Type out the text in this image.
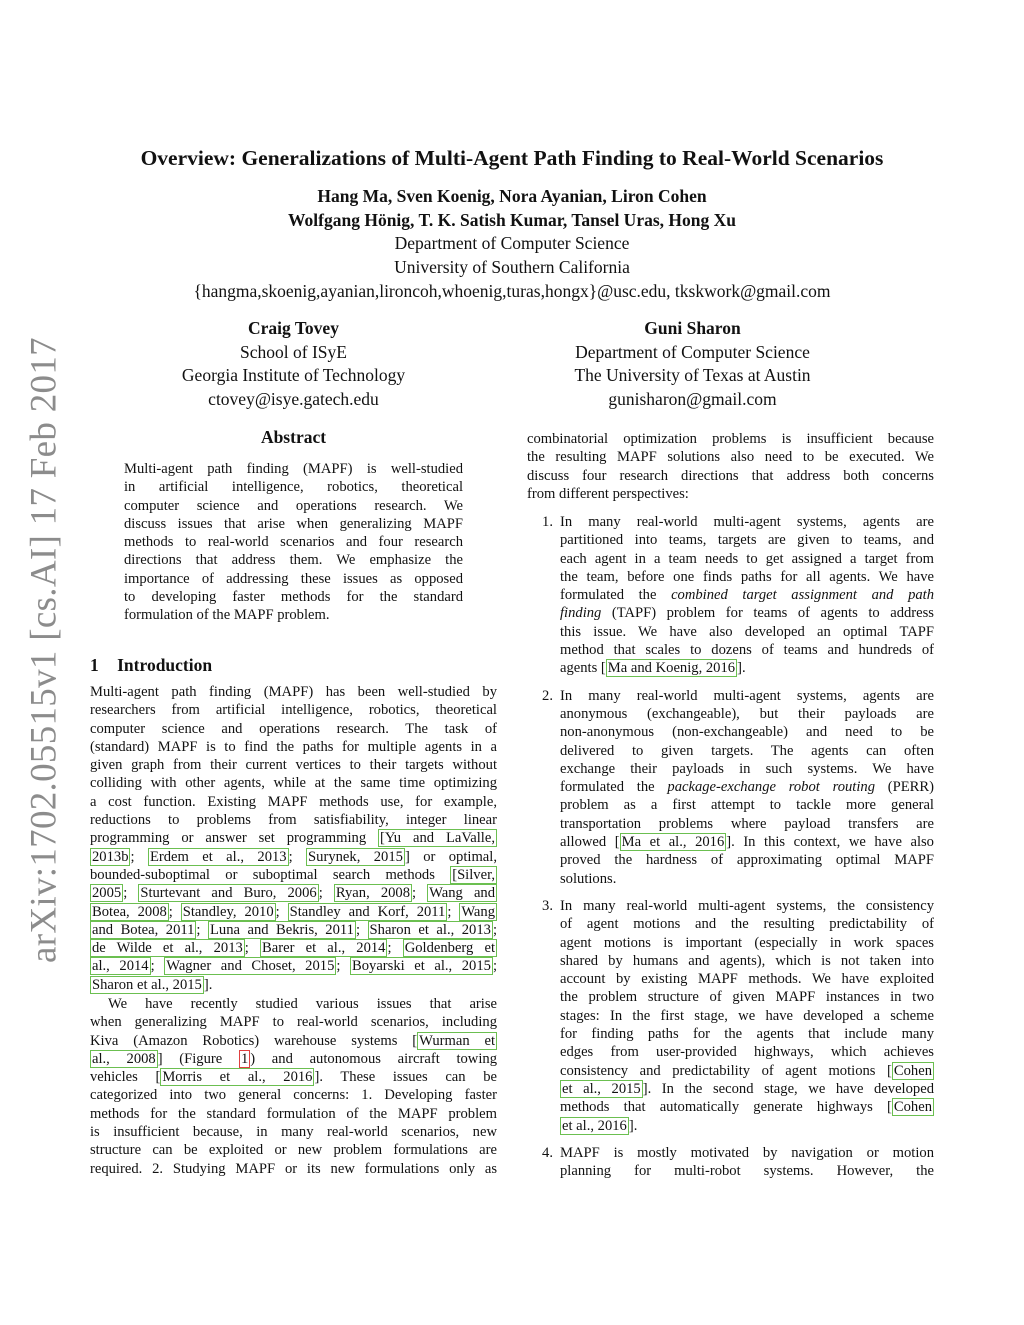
arXiv:1702.05515v1 [cs.AI] 17 Feb 2017
Overview: Generalizations of Multi-Agent Path Finding to Real-World Scenarios
Hang Ma, Sven Koenig, Nora Ayanian, Liron Cohen
Wolfgang Hönig, T. K. Satish Kumar, Tansel Uras, Hong Xu
Department of Computer Science
University of Southern California
{hangma,skoenig,ayanian,lironcoh,whoenig,turas,hongx}@usc.edu, tkskwork@gmail.com
Craig Tovey
School of ISyE
Georgia Institute of Technology
ctovey@isye.gatech.edu
Guni Sharon
Department of Computer Science
The University of Texas at Austin
gunisharon@gmail.com
Abstract
Multi-agent path finding (MAPF) is well-studied
in artificial intelligence, robotics, theoretical
computer science and operations research. We
discuss issues that arise when generalizing MAPF
methods to real-world scenarios and four research
directions that address them. We emphasize the
importance of addressing these issues as opposed
to developing faster methods for the standard
formulation of the MAPF problem.
1 Introduction
Multi-agent path finding (MAPF) has been well-studied by
researchers from artificial intelligence, robotics, theoretical
computer science and operations research. The task of
(standard) MAPF is to find the paths for multiple agents in a
given graph from their current vertices to their targets without
colliding with other agents, while at the same time optimizing
a cost function. Existing MAPF methods use, for example,
reductions to problems from satisfiability, integer linear
programming or answer set programming [Yu and LaValle,
2013b ; Erdem et al., 2013 ; Surynek, 2015 ] or optimal,
bounded-suboptimal or suboptimal search methods [Silver,
2005 ; Sturtevant and Buro, 2006 ; Ryan, 2008 ; Wang and
Botea, 2008 ; Standley, 2010 ; Standley and Korf, 2011 ; Wang
and Botea, 2011 ; Luna and Bekris, 2011 ; Sharon et al., 2013 ;
de Wilde et al., 2013 ; Barer et al., 2014 ; Goldenberg et
al., 2014 ; Wagner and Choset, 2015 ; Boyarski et al., 2015 ;
Sharon et al., 2015 ].
We have recently studied various issues that arise
when generalizing MAPF to real-world scenarios, including
Kiva (Amazon Robotics) warehouse systems [ Wurman et
al., 2008 ] (Figure 1 ) and autonomous aircraft towing
vehicles [ Morris et al., 2016 ]. These issues can be
categorized into two general concerns: 1. Developing faster
methods for the standard formulation of the MAPF problem
is insufficient because, in many real-world scenarios, new
structure can be exploited or new problem formulations are
required. 2. Studying MAPF or its new formulations only as
combinatorial optimization problems is insufficient because
the resulting MAPF solutions also need to be executed. We
discuss four research directions that address both concerns
from different perspectives:
1. In many real-world multi-agent systems, agents are
partitioned into teams, targets are given to teams, and
each agent in a team needs to get assigned a target from
the team, before one finds paths for all agents. We have
formulated the combined target assignment and path
finding (TAPF) problem for teams of agents to address
this issue. We have also developed an optimal TAPF
method that scales to dozens of teams and hundreds of
agents [ Ma and Koenig, 2016 ].
2. In many real-world multi-agent systems, agents are
anonymous (exchangeable), but their payloads are
non-anonymous (non-exchangeable) and need to be
delivered to given targets. The agents can often
exchange their payloads in such systems. We have
formulated the package-exchange robot routing (PERR)
problem as a first attempt to tackle more general
transportation problems where payload transfers are
allowed [ Ma et al., 2016 ]. In this context, we have also
proved the hardness of approximating optimal MAPF
solutions.
3. In many real-world multi-agent systems, the consistency
of agent motions and the resulting predictability of
agent motions is important (especially in work spaces
shared by humans and agents), which is not taken into
account by existing MAPF methods. We have exploited
the problem structure of given MAPF instances in two
stages: In the first stage, we have developed a scheme
for finding paths for the agents that include many
edges from user-provided highways, which achieves
consistency and predictability of agent motions [ Cohen
et al., 2015 ]. In the second stage, we have developed
methods that automatically generate highways [ Cohen
et al., 2016 ].
4. MAPF is mostly motivated by navigation or motion
planning for multi-robot systems. However, the
